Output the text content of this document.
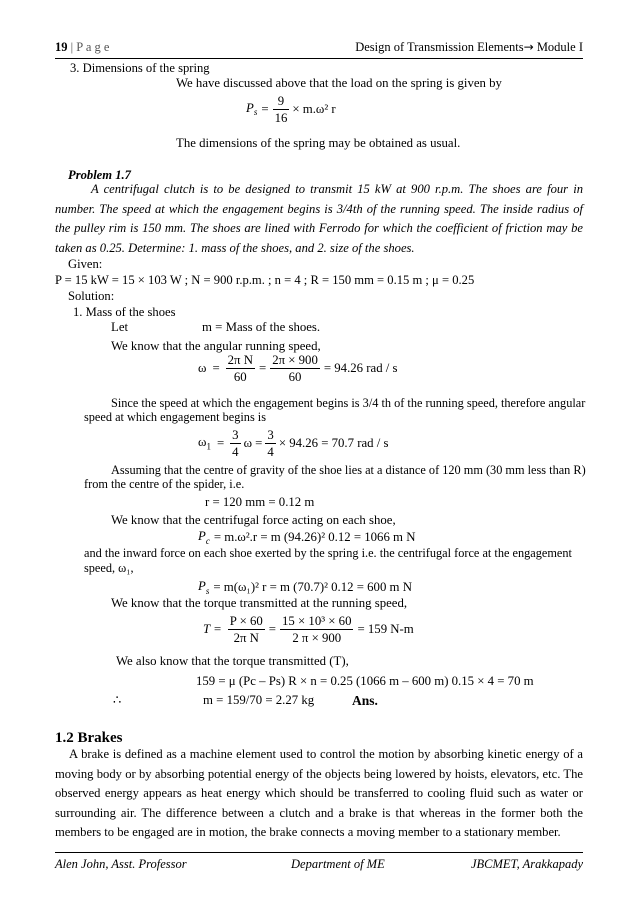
19 | P a g e	Design of Transmission Elements→ Module I
3. Dimensions of the spring
We have discussed above that the load on the spring is given by
$P_s = \frac{9}{16} \times m.\omega^2$ r
The dimensions of the spring may be obtained as usual.
Problem 1.7
A centrifugal clutch is to be designed to transmit 15 kW at 900 r.p.m. The shoes are four in number. The speed at which the engagement begins is 3/4th of the running speed. The inside radius of the pulley rim is 150 mm. The shoes are lined with Ferrodo for which the coefficient of friction may be taken as 0.25. Determine: 1. mass of the shoes, and 2. size of the shoes.
Given:
P = 15 kW = 15 × 103 W ; N = 900 r.p.m. ; n = 4 ; R = 150 mm = 0.15 m ; μ = 0.25
Solution:
1. Mass of the shoes
Let	m = Mass of the shoes.
We know that the angular running speed,
$\omega = \frac{\text{2π N}}{60} = \frac{2\pi \times 900}{60} = 94.26$ rad / s
Since the speed at which the engagement begins is 3/4 th of the running speed, therefore angular
speed at which engagement begins is
$\omega_1 = \frac{3}{4}$ $\omega = \frac{3}{4} \times 94.26 = 70.7$ rad / s
Assuming that the centre of gravity of the shoe lies at a distance of 120 mm (30 mm less than R)
from the centre of the spider, i.e.
r = 120 mm = 0.12 m
We know that the centrifugal force acting on each shoe,
$P_c = m.\omega^2.r = m$ (94.26)² 0.12 = 1066 m N
and the inward force on each shoe exerted by the spring i.e. the centrifugal force at the engagement
speed, ω₁,
$P_s = m(\omega_1)^2$ r = m (70.7)² 0.12 = 600 m N
We know that the torque transmitted at the running speed,
$T = \frac{P \times 60}{\text{2π N}} = \frac{\text{15 × 10³ × 60}}{2 \pi \times 900} = 159$ N-m
We also know that the torque transmitted (T),
159 = μ (Pc – Ps) R × n = 0.25 (1066 m – 600 m) 0.15 × 4 = 70 m
∴	m = 159/70 = 2.27 kg	Ans.
1.2 Brakes
A brake is defined as a machine element used to control the motion by absorbing kinetic energy of a moving body or by absorbing potential energy of the objects being lowered by hoists, elevators, etc. The observed energy appears as heat energy which should be transferred to cooling fluid such as water or surrounding air. The difference between a clutch and a brake is that whereas in the former both the members to be engaged are in motion, the brake connects a moving member to a stationary member.
Alen John, Asst. Professor	Department of ME	JBCMET, Arakkapady
